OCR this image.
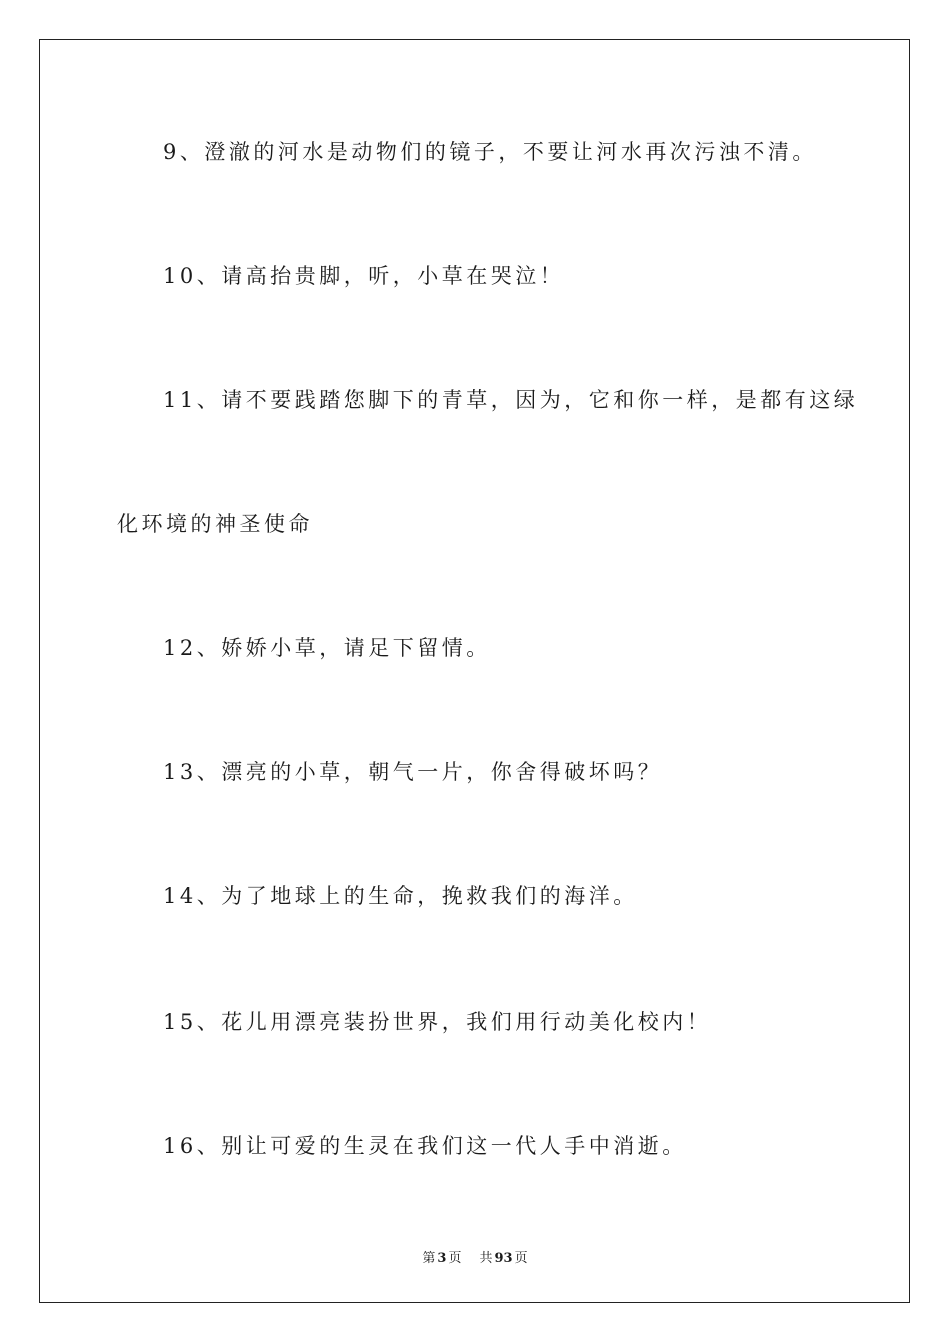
9、澄澈的河水是动物们的镜子，不要让河水再次污浊不清。
10、请高抬贵脚，听，小草在哭泣！
11、请不要践踏您脚下的青草，因为，它和你一样，是都有这绿
化环境的神圣使命
12、娇娇小草，请足下留情。
13、漂亮的小草，朝气一片，你舍得破坏吗？
14、为了地球上的生命，挽救我们的海洋。
15、花儿用漂亮装扮世界，我们用行动美化校内！
16、别让可爱的生灵在我们这一代人手中消逝。
第 3 页 共 93 页
